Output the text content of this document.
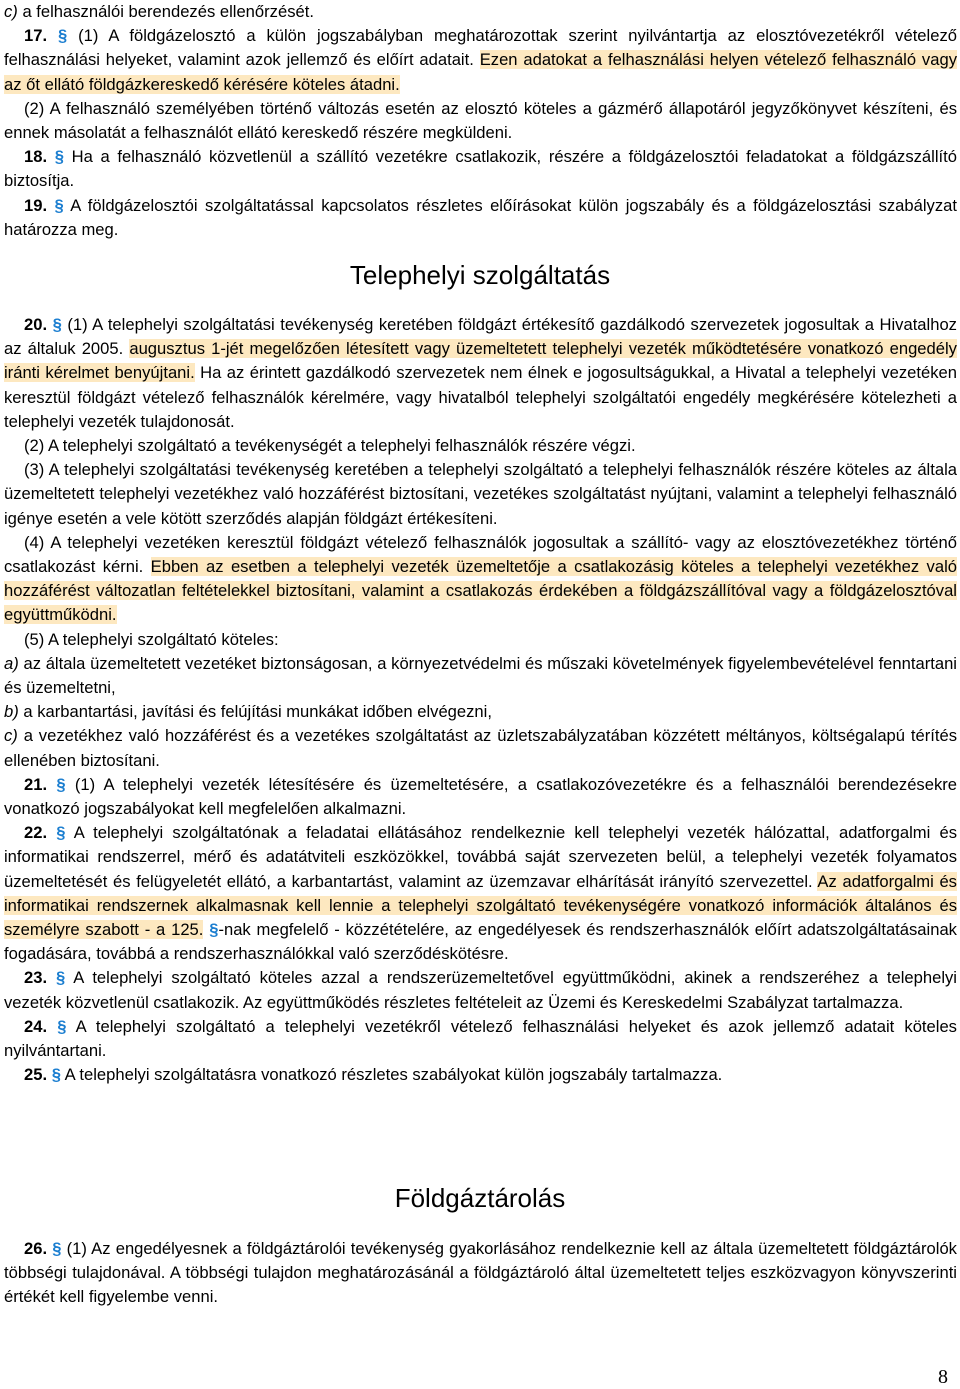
c) a felhasználói berendezés ellenőrzését.

17. § (1) A földgázelosztó a külön jogszabályban meghatározottak szerint nyilvántartja az elosztóvezetékről vételező felhasználási helyeket, valamint azok jellemző és előírt adatait. Ezen adatokat a felhasználási helyen vételező felhasználó vagy az őt ellátó földgázkereskedő kérésére köteles átadni.

(2) A felhasználó személyében történő változás esetén az elosztó köteles a gázmérő állapotáról jegyzőkönyvet készíteni, és ennek másolatát a felhasználót ellátó kereskedő részére megküldeni.

18. § Ha a felhasználó közvetlenül a szállító vezetékre csatlakozik, részére a földgázelosztói feladatokat a földgázszállító biztosítja.

19. § A földgázelosztói szolgáltatással kapcsolatos részletes előírásokat külön jogszabály és a földgázelosztási szabályzat határozza meg.

Telephelyi szolgáltatás

20. § (1) A telephelyi szolgáltatási tevékenység keretében földgázt értékesítő gazdálkodó szervezetek jogosultak a Hivatalhoz az általuk 2005. augusztus 1-jét megelőzően létesített vagy üzemeltetett telephelyi vezeték működtetésére vonatkozó engedély iránti kérelmet benyújtani. Ha az érintett gazdálkodó szervezetek nem élnek e jogosultságukkal, a Hivatal a telephelyi vezetéken keresztül földgázt vételező felhasználók kérelmére, vagy hivatalból telephelyi szolgáltatói engedély megkérésére kötelezheti a telephelyi vezeték tulajdonosát.

(2) A telephelyi szolgáltató a tevékenységét a telephelyi felhasználók részére végzi.

(3) A telephelyi szolgáltatási tevékenység keretében a telephelyi szolgáltató a telephelyi felhasználók részére köteles az általa üzemeltetett telephelyi vezetékhez való hozzáférést biztosítani, vezetékes szolgáltatást nyújtani, valamint a telephelyi felhasználó igénye esetén a vele kötött szerződés alapján földgázt értékesíteni.

(4) A telephelyi vezetéken keresztül földgázt vételező felhasználók jogosultak a szállító- vagy az elosztóvezetékhez történő csatlakozást kérni. Ebben az esetben a telephelyi vezeték üzemeltetője a csatlakozásig köteles a telephelyi vezetékhez való hozzáférést változatlan feltételekkel biztosítani, valamint a csatlakozás érdekében a földgázszállítóval vagy a földgázelosztóval együttműködni.

(5) A telephelyi szolgáltató köteles:

a) az általa üzemeltetett vezetéket biztonságosan, a környezetvédelmi és műszaki követelmények figyelembevételével fenntartani és üzemeltetni,

b) a karbantartási, javítási és felújítási munkákat időben elvégezni,

c) a vezetékhez való hozzáférést és a vezetékes szolgáltatást az üzletszabályzatában közzétett méltányos, költségalapú térítés ellenében biztosítani.

21. § (1) A telephelyi vezeték létesítésére és üzemeltetésére, a csatlakozóvezetékre és a felhasználói berendezésekre vonatkozó jogszabályokat kell megfelelően alkalmazni.

22. § A telephelyi szolgáltatónak a feladatai ellátásához rendelkeznie kell telephelyi vezeték hálózattal, adatforgalmi és informatikai rendszerrel, mérő és adatátviteli eszközökkel, továbbá saját szervezeten belül, a telephelyi vezeték folyamatos üzemeltetését és felügyeletét ellátó, a karbantartást, valamint az üzemzavar elhárítását irányító szervezettel. Az adatforgalmi és informatikai rendszernek alkalmasnak kell lennie a telephelyi szolgáltató tevékenységére vonatkozó információk általános és személyre szabott - a 125. §-nak megfelelő - közzétételére, az engedélyesek és rendszerhasználók előírt adatszolgáltatásainak fogadására, továbbá a rendszerhasználókkal való szerződéskötésre.

23. § A telephelyi szolgáltató köteles azzal a rendszerüzemeltetővel együttműködni, akinek a rendszeréhez a telephelyi vezeték közvetlenül csatlakozik. Az együttműködés részletes feltételeit az Üzemi és Kereskedelmi Szabályzat tartalmazza.

24. § A telephelyi szolgáltató a telephelyi vezetékről vételező felhasználási helyeket és azok jellemző adatait köteles nyilvántartani.

25. § A telephelyi szolgáltatásra vonatkozó részletes szabályokat külön jogszabály tartalmazza.

Földgáztárolás

26. § (1) Az engedélyesnek a földgáztárolói tevékenység gyakorlásához rendelkeznie kell az általa üzemeltetett földgáztárolók többségi tulajdonával. A többségi tulajdon meghatározásánál a földgáztároló által üzemeltetett teljes eszközvagyon könyvszerinti értékét kell figyelembe venni.

8
